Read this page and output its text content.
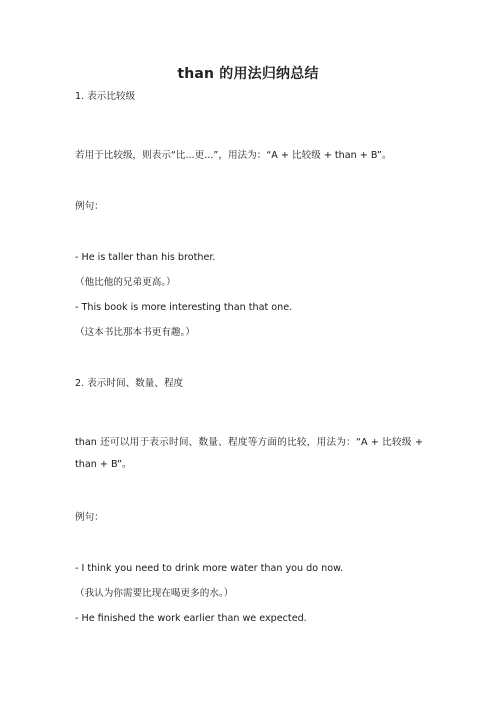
than 的用法归纳总结
1. 表示比较级
若用于比较级，则表示“比...更...”，用法为：“A + 比较级 + than + B”。
例句：
- He is taller than his brother.
（他比他的兄弟更高。）
- This book is more interesting than that one.
（这本书比那本书更有趣。）
2. 表示时间、数量、程度
than 还可以用于表示时间、数量、程度等方面的比较，用法为：“A + 比较级 + than + B”。
例句：
- I think you need to drink more water than you do now.
（我认为你需要比现在喝更多的水。）
- He finished the work earlier than we expected.
